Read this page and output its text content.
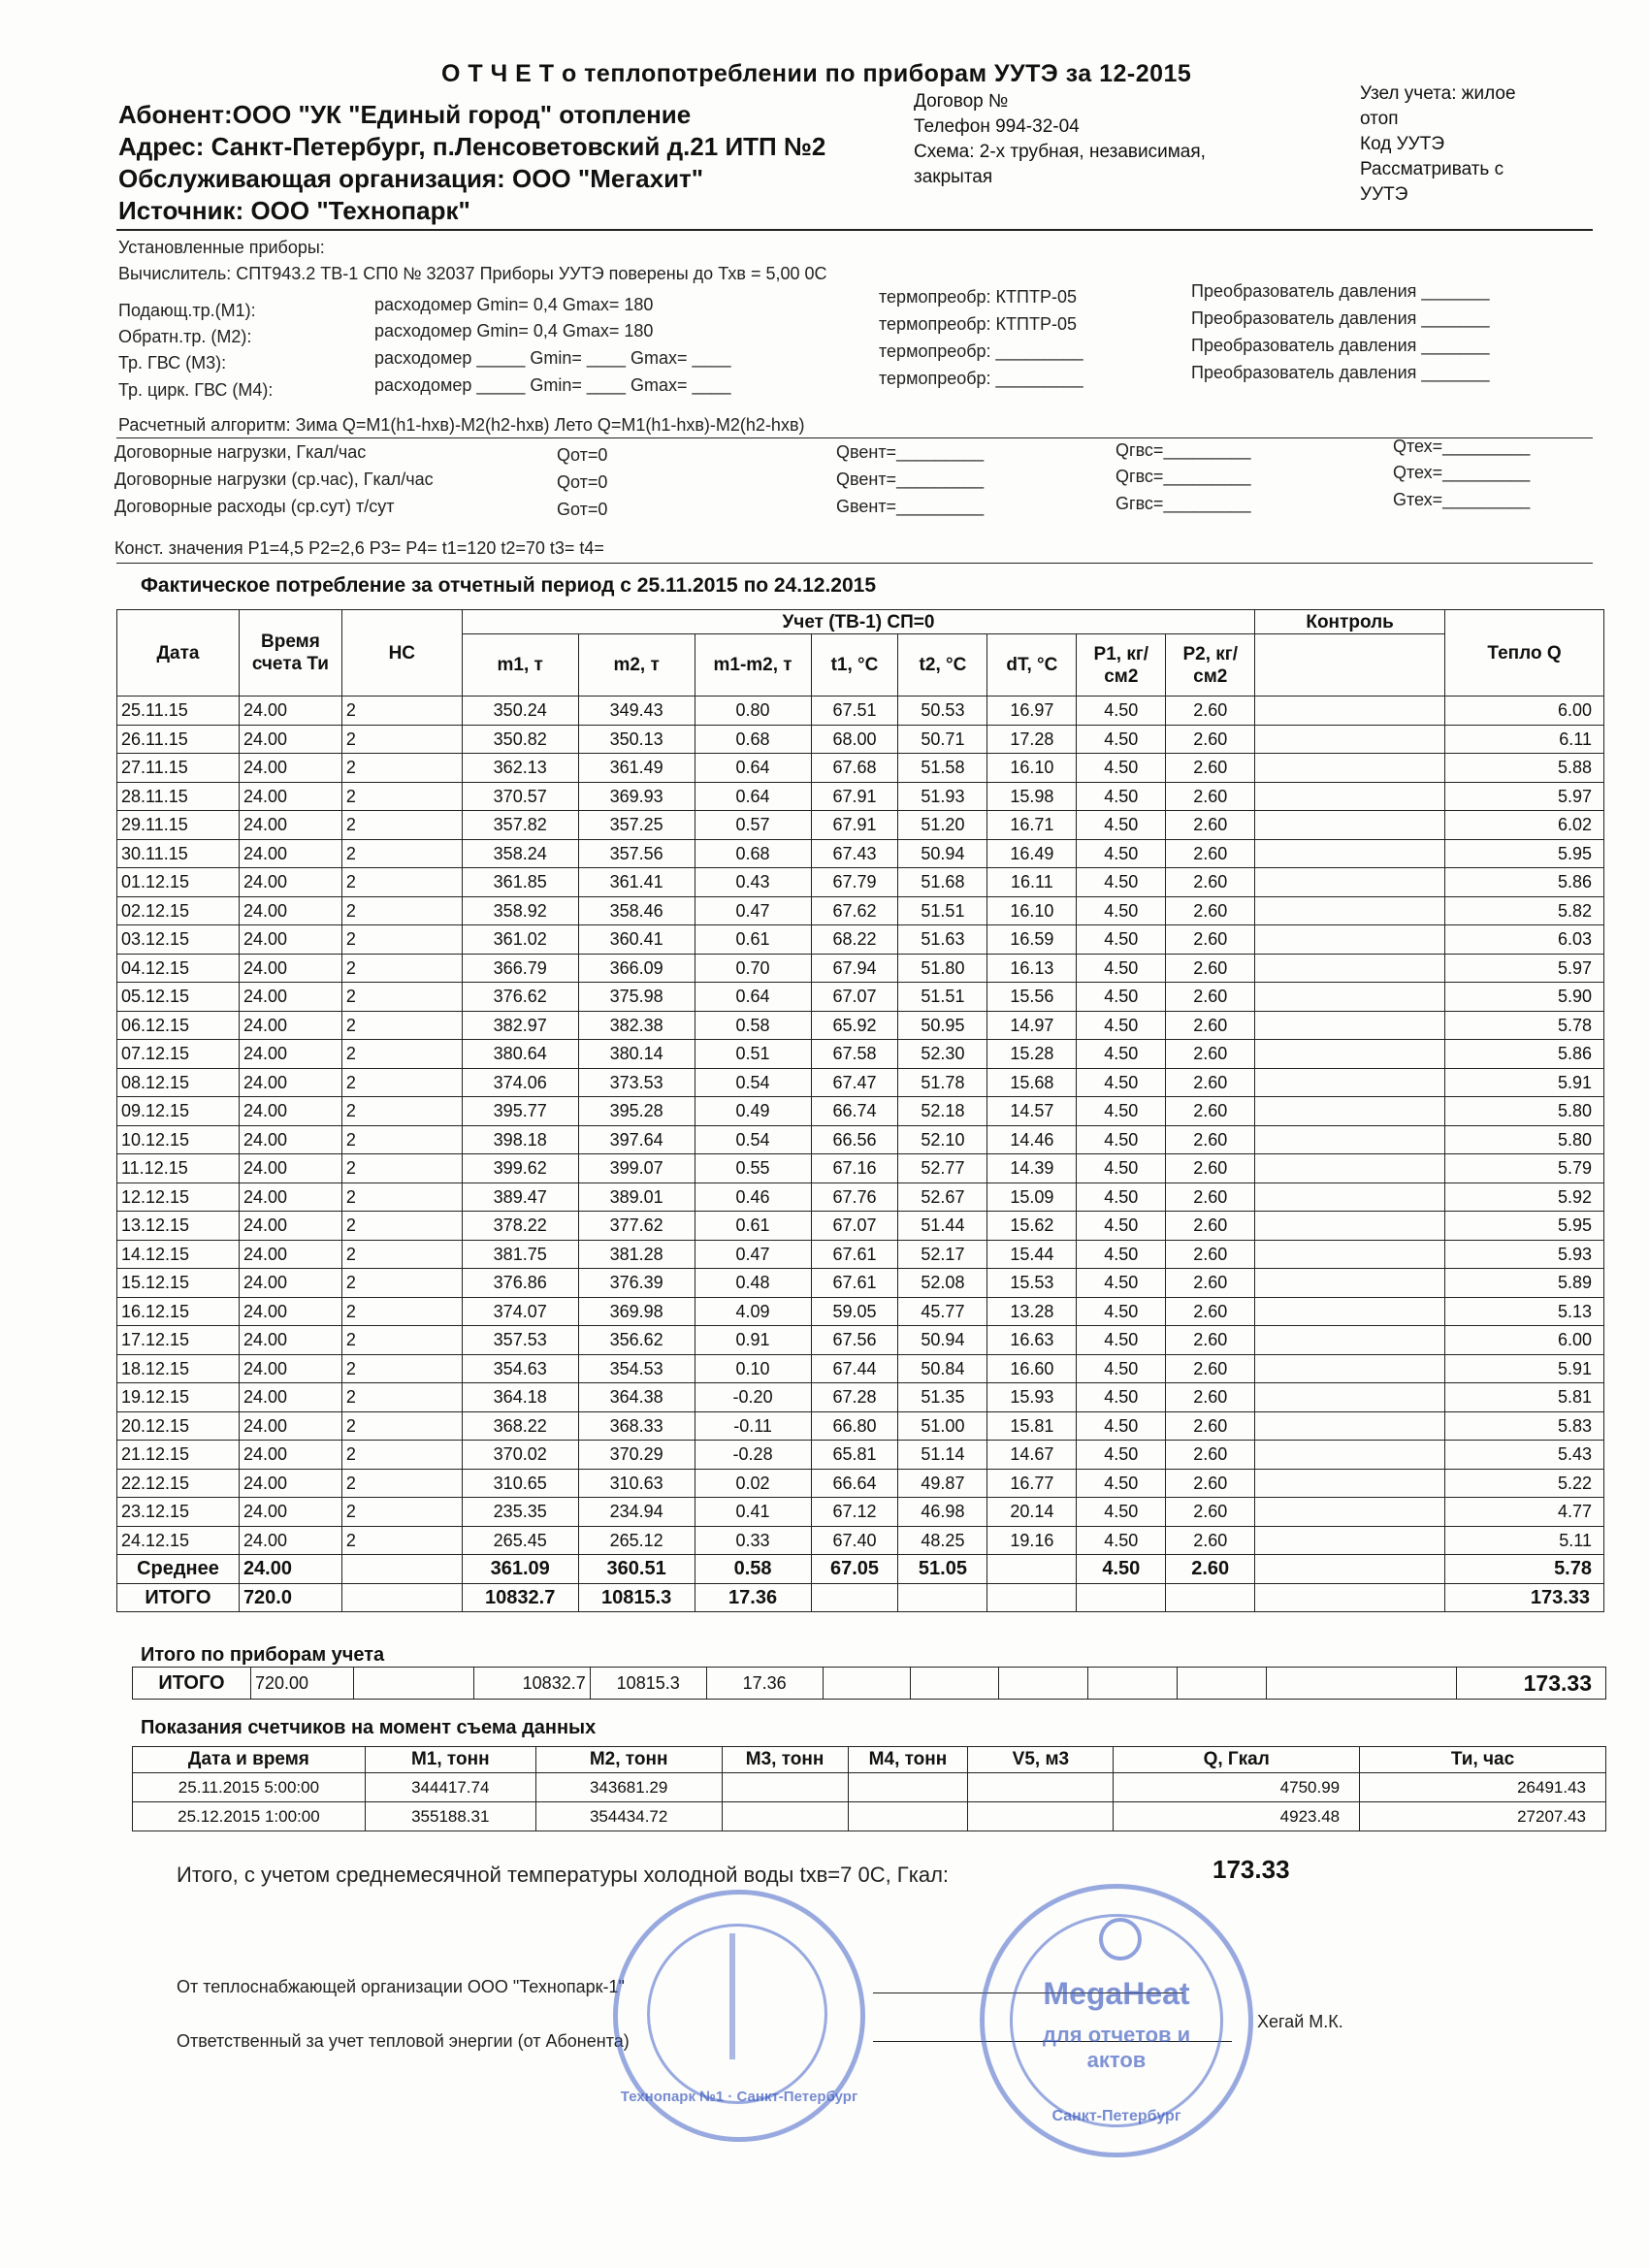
О Т Ч Е Т о теплопотреблении по приборам УУТЭ за 12-2015
Абонент:ООО "УК "Единый город" отопление
Адрес: Санкт-Петербург, п.Ленсоветовский д.21 ИТП №2
Обслуживающая организация: ООО "Мегахит"
Источник: ООО "Технопарк"
Договор №
Телефон 994-32-04
Схема: 2-х трубная, независимая,
закрытая
Узел учета: жилое
отоп
Код УУТЭ
Рассматривать с
УУТЭ
Установленные приборы:
Вычислитель: СПТ943.2 ТВ-1 СП0 № 32037 Приборы УУТЭ поверены до Тхв = 5,00 0С
Подающ.тр.(М1):	расходомер Gmin= 0,4 Gmax= 180	термопреобр: КТПТР-05	Преобразователь давления _______
Обратн.тр. (М2):	расходомер Gmin= 0,4 Gmax= 180	термопреобр: КТПТР-05	Преобразователь давления _______
Тр. ГВС (М3):	расходомер _____ Gmin= ____ Gmax= ____	термопреобр: _________	Преобразователь давления _______
Тр. цирк. ГВС (М4):	расходомер _____ Gmin= ____ Gmax= ____	термопреобр: _________	Преобразователь давления _______
Расчетный алгоритм: Зима Q=M1(h1-hхв)-M2(h2-hхв) Лето Q=M1(h1-hхв)-M2(h2-hхв)
Договорные нагрузки, Гкал/час	Qот=0	Qвент=_________	Qгвс=_________	Qтех=_________
Договорные нагрузки (ср.час), Гкал/час	Qот=0	Qвент=_________	Qгвс=_________	Qтех=_________
Договорные расходы (ср.сут) т/сут	Gот=0	Gвент=_________	Gгвс=_________	Gтех=_________
Конст. значения P1=4,5 P2=2,6 P3= P4= t1=120 t2=70 t3= t4=
Фактическое потребление за отчетный период с 25.11.2015 по 24.12.2015
Дата	Время счета Ти	НС	Учет (ТВ-1) СП=0								Контроль	Тепло Q
			m1, т	m2, т	m1-m2, т	t1, °C	t2, °C	dT, °C	P1, кг/см2	P2, кг/см2		
25.11.15	24.00	2	350.24	349.43	0.80	67.51	50.53	16.97	4.50	2.60		6.00
26.11.15	24.00	2	350.82	350.13	0.68	68.00	50.71	17.28	4.50	2.60		6.11
27.11.15	24.00	2	362.13	361.49	0.64	67.68	51.58	16.10	4.50	2.60		5.88
28.11.15	24.00	2	370.57	369.93	0.64	67.91	51.93	15.98	4.50	2.60		5.97
29.11.15	24.00	2	357.82	357.25	0.57	67.91	51.20	16.71	4.50	2.60		6.02
30.11.15	24.00	2	358.24	357.56	0.68	67.43	50.94	16.49	4.50	2.60		5.95
01.12.15	24.00	2	361.85	361.41	0.43	67.79	51.68	16.11	4.50	2.60		5.86
02.12.15	24.00	2	358.92	358.46	0.47	67.62	51.51	16.10	4.50	2.60		5.82
03.12.15	24.00	2	361.02	360.41	0.61	68.22	51.63	16.59	4.50	2.60		6.03
04.12.15	24.00	2	366.79	366.09	0.70	67.94	51.80	16.13	4.50	2.60		5.97
05.12.15	24.00	2	376.62	375.98	0.64	67.07	51.51	15.56	4.50	2.60		5.90
06.12.15	24.00	2	382.97	382.38	0.58	65.92	50.95	14.97	4.50	2.60		5.78
07.12.15	24.00	2	380.64	380.14	0.51	67.58	52.30	15.28	4.50	2.60		5.86
08.12.15	24.00	2	374.06	373.53	0.54	67.47	51.78	15.68	4.50	2.60		5.91
09.12.15	24.00	2	395.77	395.28	0.49	66.74	52.18	14.57	4.50	2.60		5.80
10.12.15	24.00	2	398.18	397.64	0.54	66.56	52.10	14.46	4.50	2.60		5.80
11.12.15	24.00	2	399.62	399.07	0.55	67.16	52.77	14.39	4.50	2.60		5.79
12.12.15	24.00	2	389.47	389.01	0.46	67.76	52.67	15.09	4.50	2.60		5.92
13.12.15	24.00	2	378.22	377.62	0.61	67.07	51.44	15.62	4.50	2.60		5.95
14.12.15	24.00	2	381.75	381.28	0.47	67.61	52.17	15.44	4.50	2.60		5.93
15.12.15	24.00	2	376.86	376.39	0.48	67.61	52.08	15.53	4.50	2.60		5.89
16.12.15	24.00	2	374.07	369.98	4.09	59.05	45.77	13.28	4.50	2.60		5.13
17.12.15	24.00	2	357.53	356.62	0.91	67.56	50.94	16.63	4.50	2.60		6.00
18.12.15	24.00	2	354.63	354.53	0.10	67.44	50.84	16.60	4.50	2.60		5.91
19.12.15	24.00	2	364.18	364.38	-0.20	67.28	51.35	15.93	4.50	2.60		5.81
20.12.15	24.00	2	368.22	368.33	-0.11	66.80	51.00	15.81	4.50	2.60		5.83
21.12.15	24.00	2	370.02	370.29	-0.28	65.81	51.14	14.67	4.50	2.60		5.43
22.12.15	24.00	2	310.65	310.63	0.02	66.64	49.87	16.77	4.50	2.60		5.22
23.12.15	24.00	2	235.35	234.94	0.41	67.12	46.98	20.14	4.50	2.60		4.77
24.12.15	24.00	2	265.45	265.12	0.33	67.40	48.25	19.16	4.50	2.60		5.11
Среднее	24.00		361.09	360.51	0.58	67.05	51.05		4.50	2.60		5.78
ИТОГО	720.0		10832.7	10815.3	17.36							173.33
Итого по приборам учета
ИТОГО	720.00		10832.7	10815.3	17.36							173.33
Показания счетчиков на момент съема данных
Дата и время	М1, тонн	М2, тонн	М3, тонн	М4, тонн	V5, м3	Q, Гкал	Ти, час
25.11.2015 5:00:00	344417.74	343681.29				4750.99	26491.43
25.12.2015 1:00:00	355188.31	354434.72				4923.48	27207.43
Итого, с учетом среднемесячной температуры холодной воды tхв=7 0С, Гкал:	173.33
От теплоснабжающей организации ООО "Технопарк-1"
Ответственный за учет тепловой энергии (от Абонента)
Хегай М.К.
Технопарк №1 · Санкт-Петербург
MegaHeat
для отчетов и актов
Санкт-Петербург
